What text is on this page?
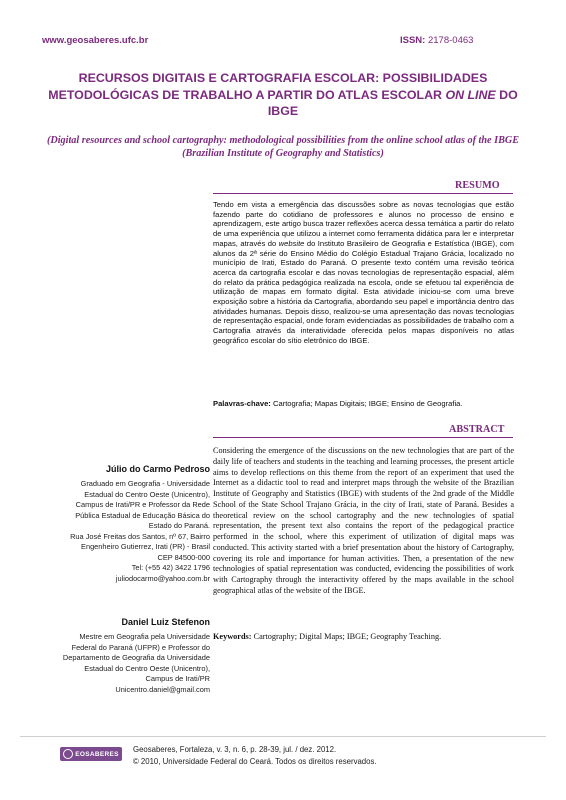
www.geosaberes.ufc.br	ISSN: 2178-0463
RECURSOS DIGITAIS E CARTOGRAFIA ESCOLAR: POSSIBILIDADES METODOLÓGICAS DE TRABALHO A PARTIR DO ATLAS ESCOLAR ON LINE DO IBGE
(Digital resources and school cartography: methodological possibilities from the online school atlas of the IBGE (Brazilian Institute of Geography and Statistics)
RESUMO
Tendo em vista a emergência das discussões sobre as novas tecnologias que estão fazendo parte do cotidiano de professores e alunos no processo de ensino e aprendizagem, este artigo busca trazer reflexões acerca dessa temática a partir do relato de uma experiência que utilizou a internet como ferramenta didática para ler e interpretar mapas, através do website do Instituto Brasileiro de Geografia e Estatística (IBGE), com alunos da 2ª série do Ensino Médio do Colégio Estadual Trajano Grácia, localizado no município de Irati, Estado do Paraná. O presente texto contém uma revisão teórica acerca da cartografia escolar e das novas tecnologias de representação espacial, além do relato da prática pedagógica realizada na escola, onde se efetuou tal experiência de utilização de mapas em formato digital. Esta atividade iniciou-se com uma breve exposição sobre a história da Cartografia, abordando seu papel e importância dentro das atividades humanas. Depois disso, realizou-se uma apresentação das novas tecnologias de representação espacial, onde foram evidenciadas as possibilidades de trabalho com a Cartografia através da interatividade oferecida pelos mapas disponíveis no atlas geográfico escolar do sítio eletrônico do IBGE.
Palavras-chave: Cartografia; Mapas Digitais; IBGE; Ensino de Geografia.
ABSTRACT
Considering the emergence of the discussions on the new technologies that are part of the daily life of teachers and students in the teaching and learning processes, the present article aims to develop reflections on this theme from the report of an experiment that used the Internet as a didactic tool to read and interpret maps through the website of the Brazilian Institute of Geography and Statistics (IBGE) with students of the 2nd grade of the Middle School of the State School Trajano Grácia, in the city of Irati, state of Paraná. Besides a theoretical review on the school cartography and the new technologies of spatial representation, the present text also contains the report of the pedagogical practice performed in the school, where this experiment of utilization of digital maps was conducted. This activity started with a brief presentation about the history of Cartography, covering its role and importance for human activities. Then, a presentation of the new technologies of spatial representation was conducted, evidencing the possibilities of work with Cartography through the interactivity offered by the maps available in the school geographical atlas of the website of the IBGE.
Keywords: Cartography; Digital Maps; IBGE; Geography Teaching.
Júlio do Carmo Pedroso
Graduado em Geografia - Universidade
Estadual do Centro Oeste (Unicentro),
Campus de Irati/PR e Professor da Rede
Pública Estadual de Educação Básica do
Estado do Paraná.
Rua José Freitas dos Santos, nº 67, Bairro
Engenheiro Gutierrez, Irati (PR) - Brasil
CEP 84500-000
Tel: (+55 42) 3422 1796
juliodocarmo@yahoo.com.br
Daniel Luiz Stefenon
Mestre em Geografia pela Universidade
Federal do Paraná (UFPR) e Professor do
Departamento de Geografia da Universidade
Estadual do Centro Oeste (Unicentro),
Campus de Irati/PR
Unicentro.daniel@gmail.com
EOSABERES Geosaberes, Fortaleza, v. 3, n. 6, p. 28-39, jul. / dez. 2012.
© 2010, Universidade Federal do Ceará. Todos os direitos reservados.
